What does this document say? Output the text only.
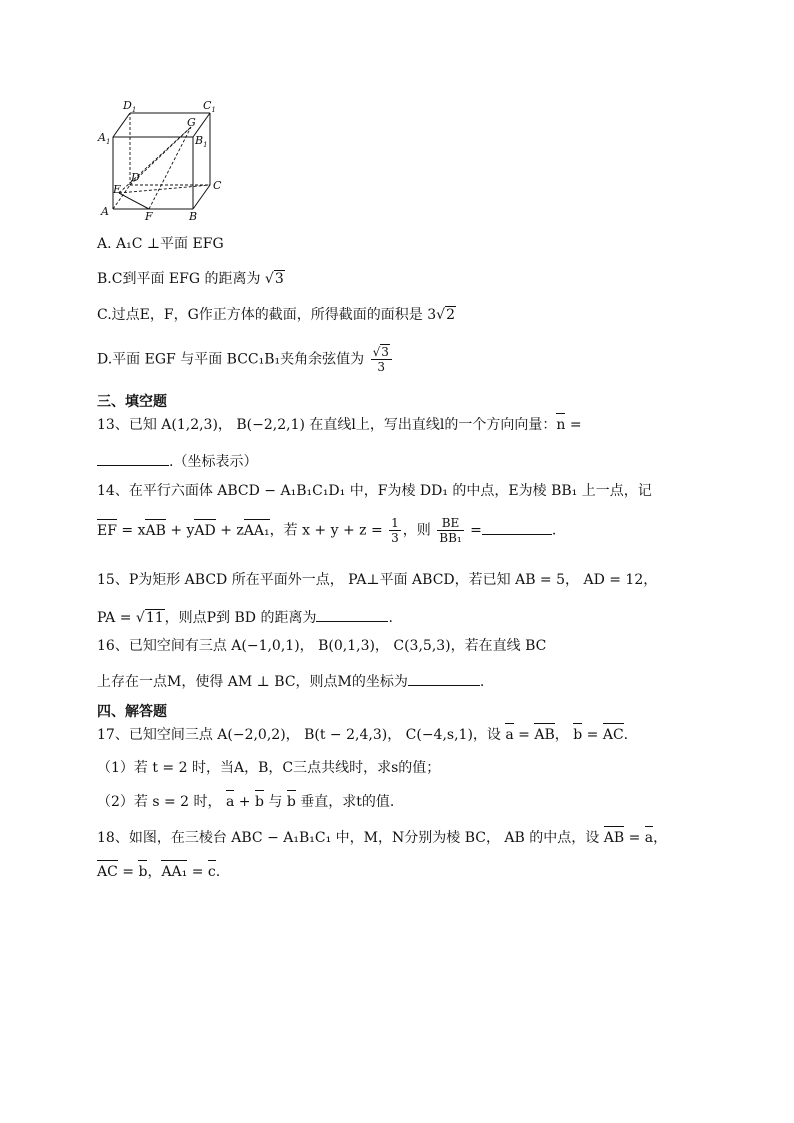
$D_1$	$C_1$
$A_1$
G
$B_1$
D
E	C
A	F	B
A. A₁C ⊥平面 EFG
B.C到平面 EFG 的距离为 √3
C.过点E，F，G作正方体的截面，所得截面的面积是 3√2
D.平面 EGF 与平面 BCC₁B₁夹角余弦值为 $\frac{√3}{3}$
三、填空题
13、已知 A(1,2,3)， B(−2,2,1) 在直线l上，写出直线l的一个方向向量：n =
.（坐标表示）
14、在平行六面体 ABCD − A₁B₁C₁D₁ 中，F为棱 DD₁ 的中点，E为棱 BB₁ 上一点，记
EF = xAB + yAD + zAA₁，若 $x + y + z = \frac{1}{3}$ ，则 $\frac{BE}{\text{BB₁}}$ =	.
15、P为矩形 ABCD 所在平面外一点， PA⊥平面 ABCD，若已知 AB = 5， AD = 12，
PA = √11，则点P到 BD 的距离为	.
16、已知空间有三点 A(−1,0,1)， B(0,1,3)， C(3,5,3)，若在直线 BC
上存在一点M，使得 AM ⊥ BC，则点M的坐标为	.
四、解答题
17、已知空间三点 A(−2,0,2)， B(t − 2,4,3)， C(−4,s,1)，设 a = AB， b = AC.
（1）若 t = 2 时，当A，B，C三点共线时，求s的值；
（2）若 s = 2 时， a + b 与 b 垂直，求t的值.
18、如图，在三棱台 ABC − A₁B₁C₁ 中，M，N分别为棱 BC， AB 的中点，设 AB = a，
AC = b，AA₁ = c.
